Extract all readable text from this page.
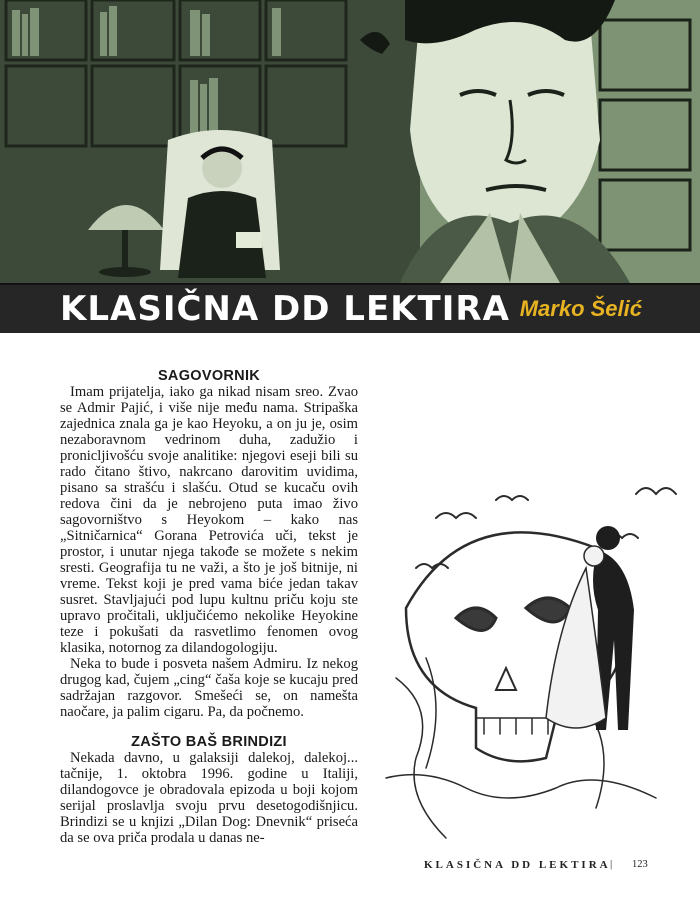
KLASIČNA DD LEKTIRA Marko Šelić
SAGOVORNIK

Imam prijatelja, iako ga nikad nisam sreo. Zvao se Admir Pajić, i više nije među nama. Stripaška zajednica znala ga je kao Heyoku, a on ju je, osim nezaboravnom vedrinom duha, zadužio i pronicljivošću svoje analitike: njegovi eseji bili su rado čitano štivo, nakrcano darovitim uvidima, pisano sa strašću i slašću. Otud se kucaču ovih redova čini da je nebrojeno puta imao živo sagovorništvo s Heyokom – kako nas „Sitničarnica“ Gorana Petrovića uči, tekst je prostor, i unutar njega takođe se možete s nekim sresti. Geografija tu ne važi, a što je još bitnije, ni vreme. Tekst koji je pred vama biće jedan takav susret. Stavljajući pod lupu kultnu priču koju ste upravo pročitali, uključićemo nekolike Heyokine teze i pokušati da rasvetlimo fenomen ovog klasika, notornog za dilandogologiju.

Neka to bude i posveta našem Admiru. Iz nekog drugog kad, čujem „cing“ čaša koje se kucaju pred sadržajan razgovor. Smešeći se, on namešta naočare, ja palim cigaru. Pa, da počnemo.

ZAŠTO BAŠ BRINDIZI

Nekada davno, u galaksiji dalekoj, dalekoj... tačnije, 1. oktobra 1996. godine u Italiji, dilandogovce je obradovala epizoda u boji kojom serijal proslavlja svoju prvu desetogodišnjicu. Brindizi se u knjizi „Dilan Dog: Dnevnik“ priseća da se ova priča prodala u danas ne-

KLASIČNA DD LEKTIRA | 123
